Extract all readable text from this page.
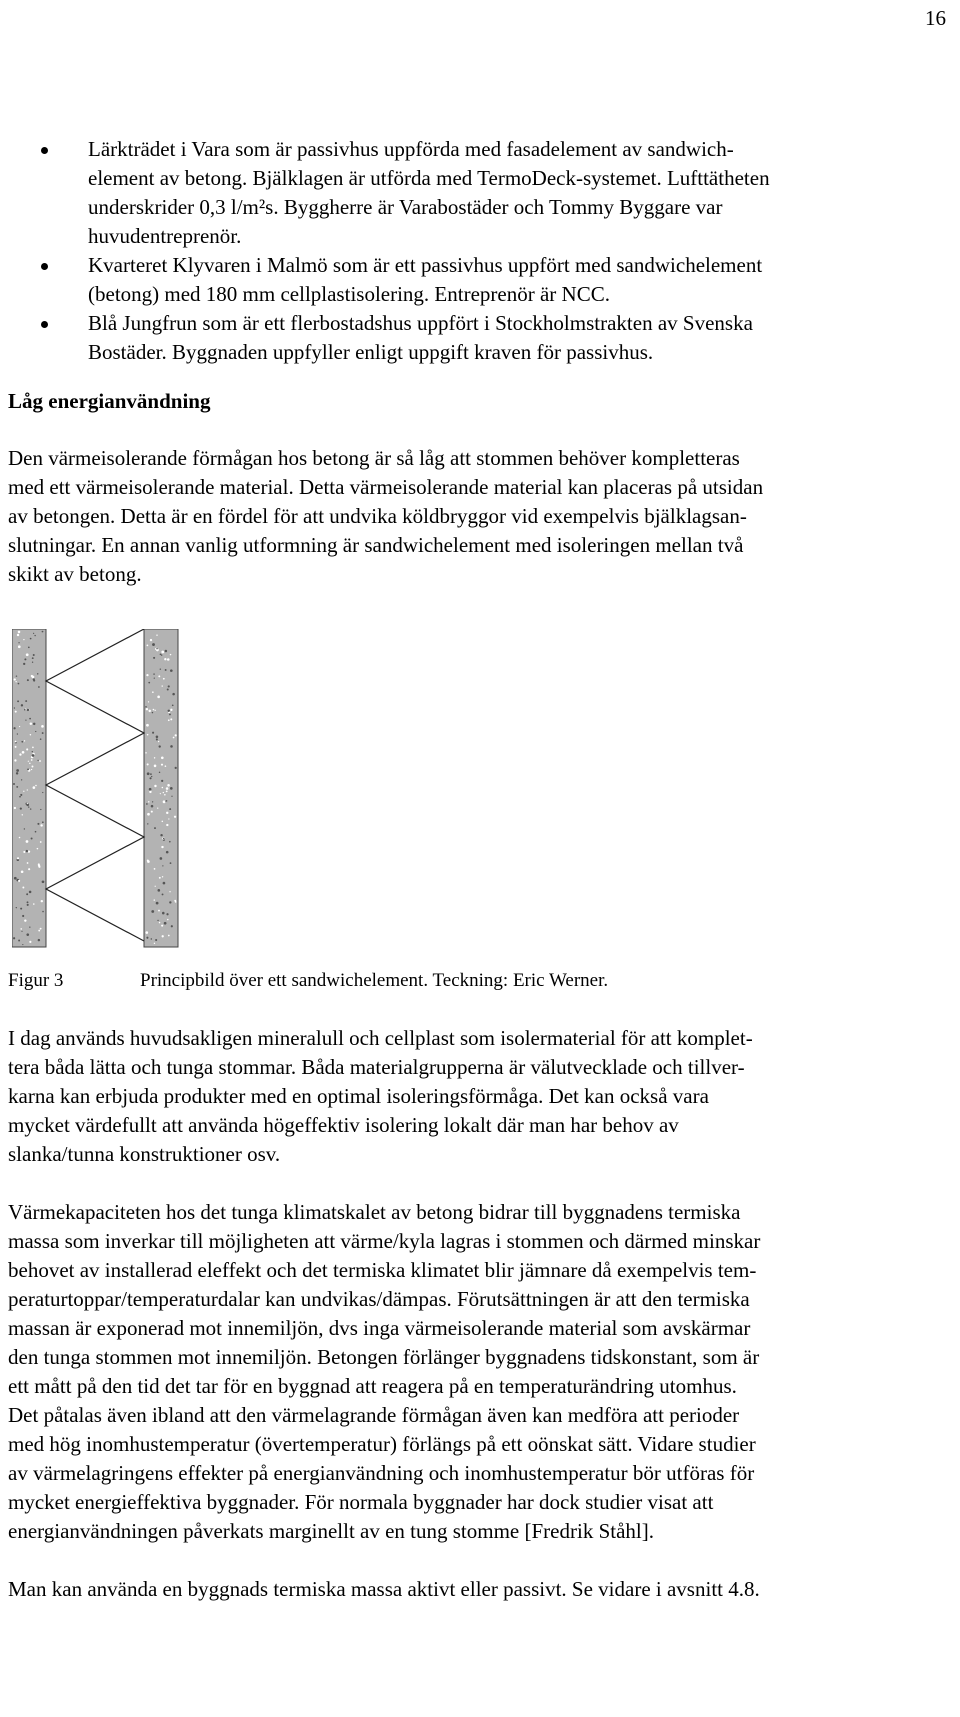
16
Lärkträdet i Vara som är passivhus uppförda med fasadelement av sandwich-
element av betong. Bjälklagen är utförda med TermoDeck-systemet. Lufttätheten
underskrider 0,3 l/m²s. Byggherre är Varabostäder och Tommy Byggare var
huvudentreprenör.
Kvarteret Klyvaren i Malmö som är ett passivhus uppfört med sandwichelement
(betong) med 180 mm cellplastisolering. Entreprenör är NCC.
Blå Jungfrun som är ett flerbostadshus uppfört i Stockholmstrakten av Svenska
Bostäder. Byggnaden uppfyller enligt uppgift kraven för passivhus.
Låg energianvändning

Den värmeisolerande förmågan hos betong är så låg att stommen behöver kompletteras
med ett värmeisolerande material. Detta värmeisolerande material kan placeras på utsidan
av betongen. Detta är en fördel för att undvika köldbryggor vid exempelvis bjälklagsan-
slutningar. En annan vanlig utformning är sandwichelement med isoleringen mellan två
skikt av betong.

Figur 3	Principbild över ett sandwichelement. Teckning: Eric Werner.

I dag används huvudsakligen mineralull och cellplast som isolermaterial för att komplet-
tera båda lätta och tunga stommar. Båda materialgrupperna är välutvecklade och tillver-
karna kan erbjuda produkter med en optimal isoleringsförmåga. Det kan också vara
mycket värdefullt att använda högeffektiv isolering lokalt där man har behov av
slanka/tunna konstruktioner osv.

Värmekapaciteten hos det tunga klimatskalet av betong bidrar till byggnadens termiska
massa som inverkar till möjligheten att värme/kyla lagras i stommen och därmed minskar
behovet av installerad eleffekt och det termiska klimatet blir jämnare då exempelvis tem-
peraturtoppar/temperaturdalar kan undvikas/dämpas. Förutsättningen är att den termiska
massan är exponerad mot innemiljön, dvs inga värmeisolerande material som avskärmar
den tunga stommen mot innemiljön. Betongen förlänger byggnadens tidskonstant, som är
ett mått på den tid det tar för en byggnad att reagera på en temperaturändring utomhus.
Det påtalas även ibland att den värmelagrande förmågan även kan medföra att perioder
med hög inomhustemperatur (övertemperatur) förlängs på ett oönskat sätt. Vidare studier
av värmelagringens effekter på energianvändning och inomhustemperatur bör utföras för
mycket energieffektiva byggnader. För normala byggnader har dock studier visat att
energianvändningen påverkats marginellt av en tung stomme [Fredrik Ståhl].

Man kan använda en byggnads termiska massa aktivt eller passivt. Se vidare i avsnitt 4.8.
